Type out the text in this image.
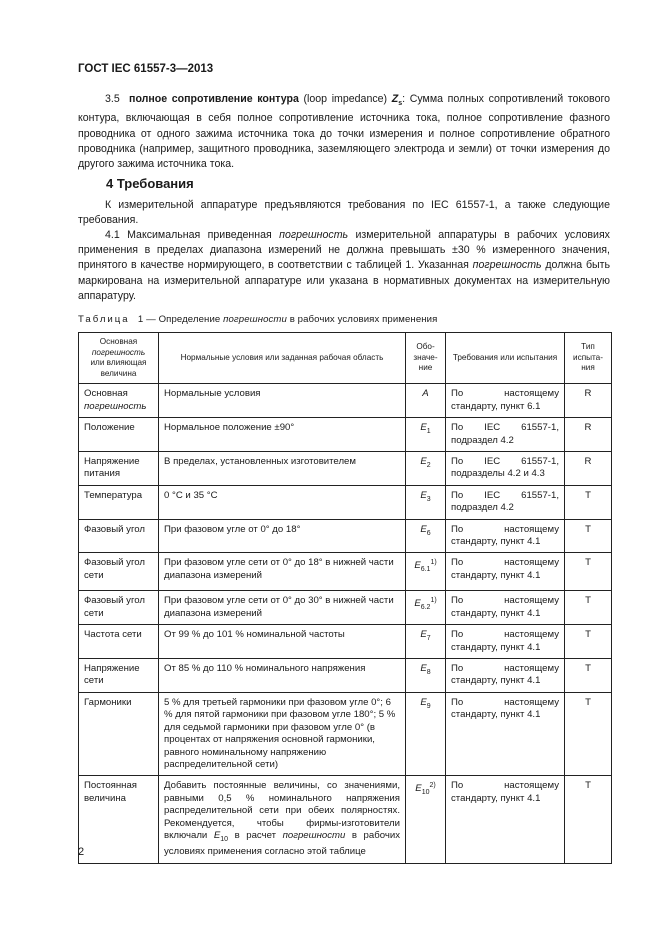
ГОСТ IEC 61557-3—2013
3.5 полное сопротивление контура (loop impedance) $Z_s$: Сумма полных сопротивлений токового контура, включающая в себя полное сопротивление источника тока, полное сопротивление фазного проводника от одного зажима источника тока до точки измерения и полное сопротивление обратного проводника (например, защитного проводника, заземляющего электрода и земли) от точки измерения до другого зажима источника тока.
4 Требования
К измерительной аппаратуре предъявляются требования по IEC 61557-1, а также следующие требования.
4.1 Максимальная приведенная погрешность измерительной аппаратуры в рабочих условиях применения в пределах диапазона измерений не должна превышать ±30 % измеренного значения, принятого в качестве нормирующего, в соответствии с таблицей 1. Указанная погрешность должна быть маркирована на измерительной аппаратуре или указана в нормативных документах на измерительную аппаратуру.
Таблица 1 — Определение погрешности в рабочих условиях применения
Основная
погрешность
или влияющая величина	Нормальные условия или заданная рабочая область	Обо-значе-ние	Требования или испытания	Тип испыта-ния
Основная
погрешность	Нормальные условия	A	По настоящему стандарту, пункт 6.1	R
Положение	Нормальное положение ±90°	$E_1$	По IEC 61557-1, подраздел 4.2	R
Напряжение питания	В пределах, установленных изготовителем	$E_2$	По IEC 61557-1, подразделы 4.2 и 4.3	R
Температура	0 °C и 35 °C	$E_3$	По IEC 61557-1, подраздел 4.2	T
Фазовый угол	При фазовом угле от 0° до 18°	$E_6$	По настоящему стандарту, пункт 4.1	T
Фазовый угол сети	При фазовом угле сети от 0° до 18° в нижней части диапазона измерений	$E_{6.1}^{1)}$	По настоящему стандарту, пункт 4.1	T
Фазовый угол сети	При фазовом угле сети от 0° до 30° в нижней части диапазона измерений	$E_{6.2}^{1)}$	По настоящему стандарту, пункт 4.1	T
Частота сети	От 99 % до 101 % номинальной частоты	$E_7$	По настоящему стандарту, пункт 4.1	T
Напряжение сети	От 85 % до 110 % номинального напряжения	$E_8$	По настоящему стандарту, пункт 4.1	T
Гармоники	5 % для третьей гармоники при фазовом угле 0°; 6 % для пятой гармоники при фазовом угле 180°; 5 % для седьмой гармоники при фазовом угле 0° (в процентах от напряжения основной гармоники, равного номинальному напряжению распределительной сети)	$E_9$	По настоящему стандарту, пункт 4.1	T
Постоянная величина	Добавить постоянные величины, со значениями, равными 0,5 % номинального напряжения распределительной сети при обеих полярностях. Рекомендуется, чтобы фирмы-изготовители включали $E_{10}$ в расчет погрешности в рабочих условиях применения согласно этой таблице	$E_{10}^{2)}$	По настоящему стандарту, пункт 4.1	T
2
